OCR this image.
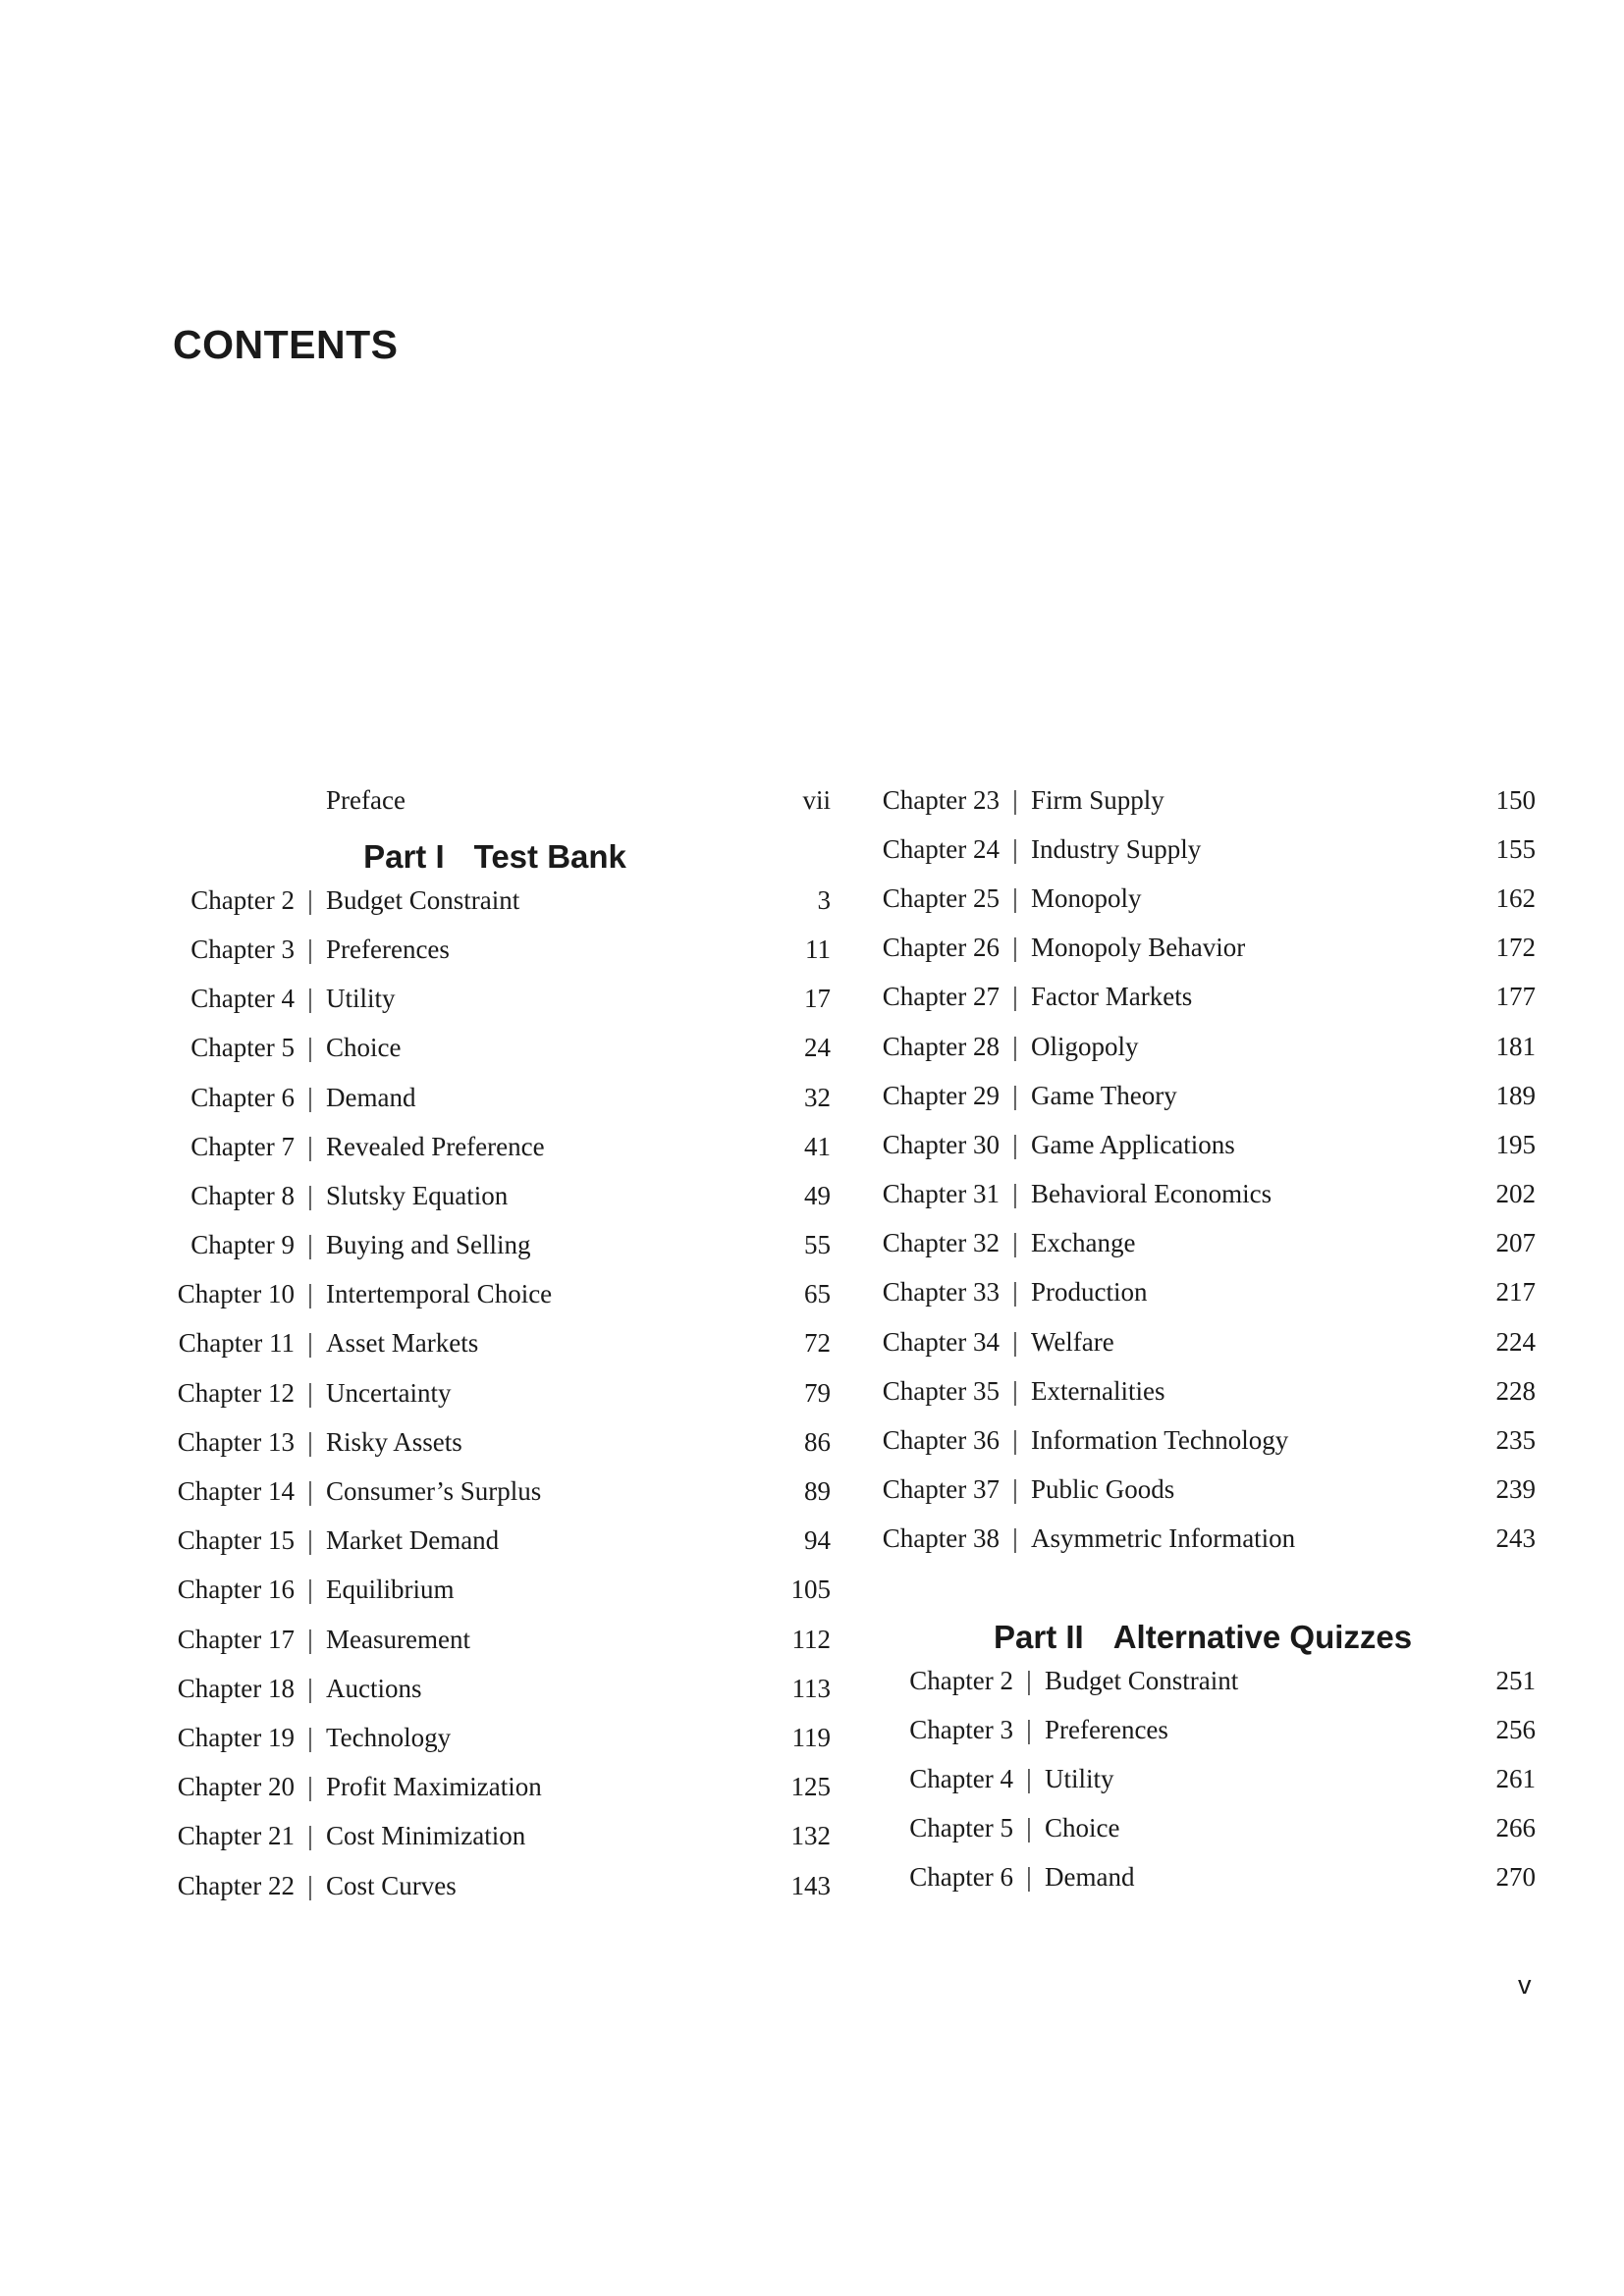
CONTENTS
Preface	vii
Part I Test Bank
Chapter 2 | Budget Constraint	3
Chapter 3 | Preferences	11
Chapter 4 | Utility	17
Chapter 5 | Choice	24
Chapter 6 | Demand	32
Chapter 7 | Revealed Preference	41
Chapter 8 | Slutsky Equation	49
Chapter 9 | Buying and Selling	55
Chapter 10 | Intertemporal Choice	65
Chapter 11 | Asset Markets	72
Chapter 12 | Uncertainty	79
Chapter 13 | Risky Assets	86
Chapter 14 | Consumer’s Surplus	89
Chapter 15 | Market Demand	94
Chapter 16 | Equilibrium	105
Chapter 17 | Measurement	112
Chapter 18 | Auctions	113
Chapter 19 | Technology	119
Chapter 20 | Profit Maximization	125
Chapter 21 | Cost Minimization	132
Chapter 22 | Cost Curves	143
Chapter 23 | Firm Supply	150
Chapter 24 | Industry Supply	155
Chapter 25 | Monopoly	162
Chapter 26 | Monopoly Behavior	172
Chapter 27 | Factor Markets	177
Chapter 28 | Oligopoly	181
Chapter 29 | Game Theory	189
Chapter 30 | Game Applications	195
Chapter 31 | Behavioral Economics	202
Chapter 32 | Exchange	207
Chapter 33 | Production	217
Chapter 34 | Welfare	224
Chapter 35 | Externalities	228
Chapter 36 | Information Technology	235
Chapter 37 | Public Goods	239
Chapter 38 | Asymmetric Information	243
Part II Alternative Quizzes
Chapter 2 | Budget Constraint	251
Chapter 3 | Preferences	256
Chapter 4 | Utility	261
Chapter 5 | Choice	266
Chapter 6 | Demand	270
v
